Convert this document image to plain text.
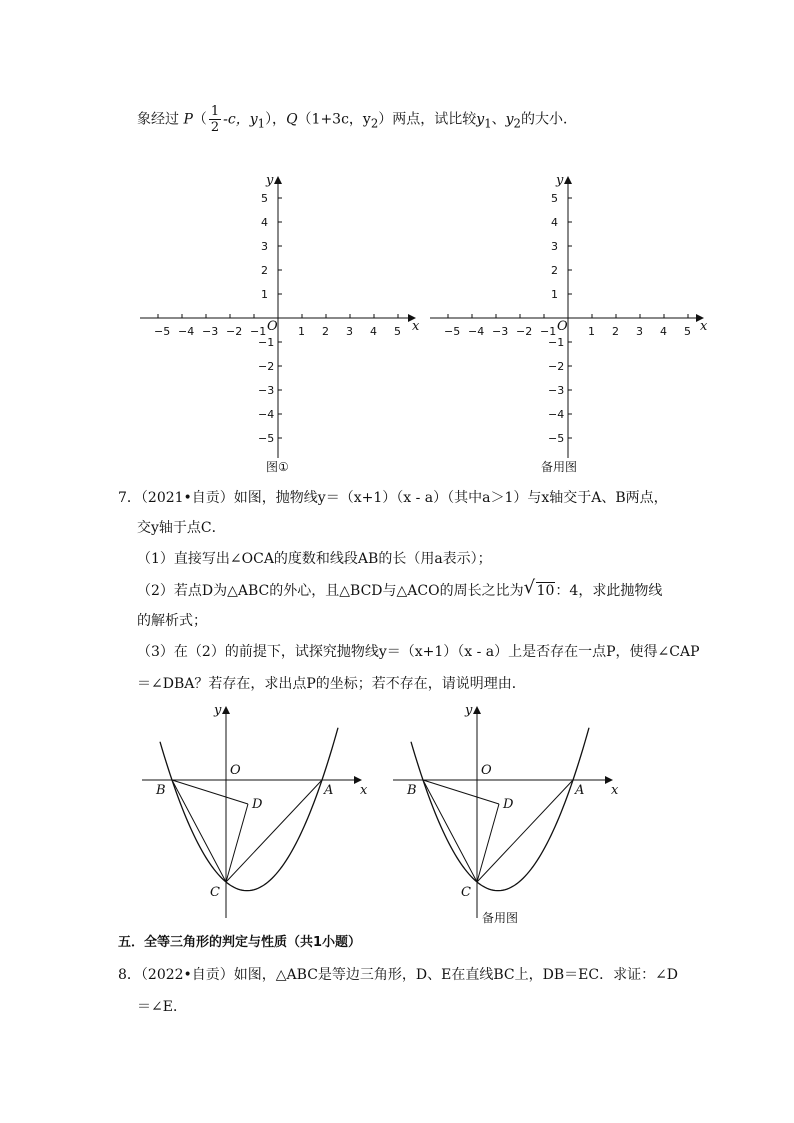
象经过 $P( \frac{1}{2} -c$，$y_1$），Q（1+3c，$y_2$）两点，试比较$y_1$、$y_2$的大小．
x
y
O
−5 −4 −3 −2 −1	1 2 3 4 5
5
4
3
2
1
−1
−2
−3
−4
−5
x
y
O
−5 −4 −3 −2 −1	1 2 3 4 5
5
4
3
2
1
−1
−2
−3
−4
−5
图①	备用图
7．（2021•自贡）如图，抛物线y＝（x+1）（x - a）（其中a＞1）与x轴交于A、B两点，
交y轴于点C．
（1）直接写出∠OCA的度数和线段AB的长（用a表示）；
（2）若点D为△ABC的外心，且△BCD与△ACO的周长之比为 √ 10：4，求此抛物线
的解析式；
（3）在（2）的前提下，试探究抛物线y＝（x+1）（x - a）上是否存在一点P，使得∠CAP
＝∠DBA？若存在，求出点P的坐标；若不存在，请说明理由．
O
y
x
B	A
C
D
O
y
x
B	A
C
D
备用图
五．全等三角形的判定与性质（共1小题）
8．（2022•自贡）如图，△ABC是等边三角形，D、E在直线BC上，DB＝EC．求证：∠D
＝∠E．
